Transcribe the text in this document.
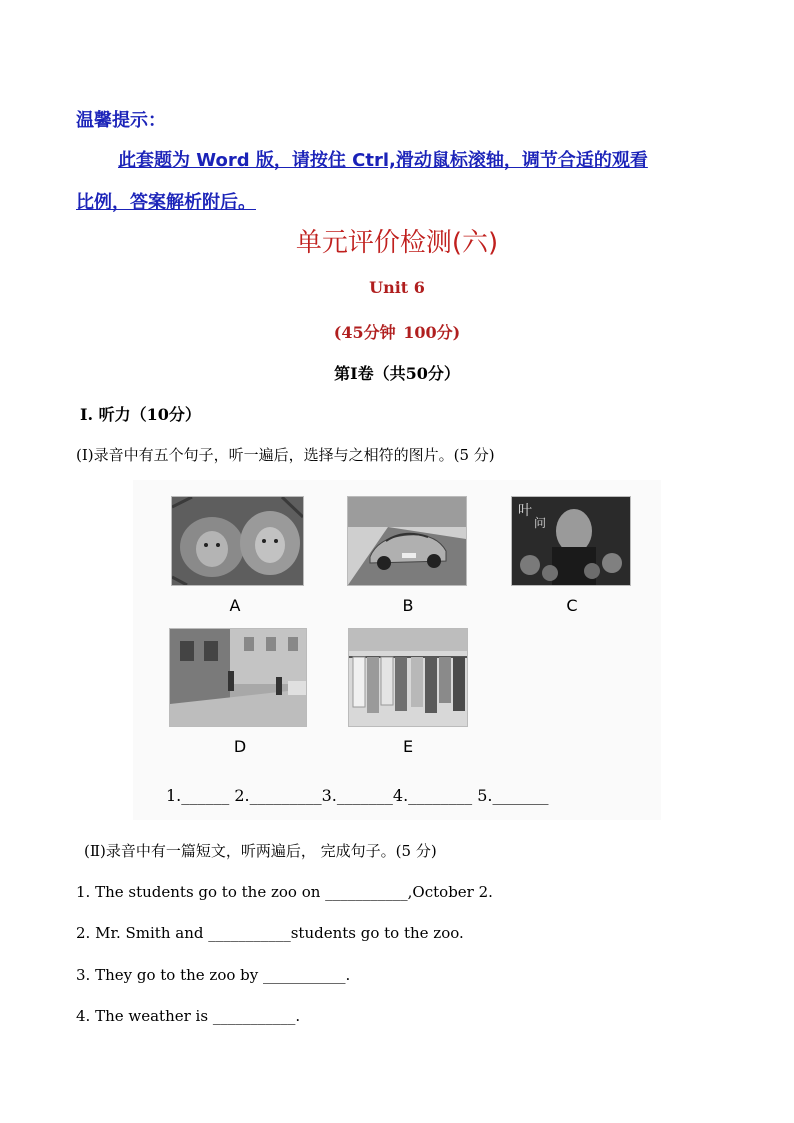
温馨提示：
此套题为 Word 版，请按住 Ctrl,滑动鼠标滚轴，调节合适的观看
比例，答案解析附后。
单元评价检测(六)
Unit 6
(45分钟 100分)
第Ⅰ卷（共50分）
Ⅰ. 听力（10分）
(Ⅰ)录音中有五个句子，听一遍后，选择与之相符的图片。(5 分)
A	B
叶
问
C
D	E
1.______ 2._________3._______4.________ 5._______
(Ⅱ)录音中有一篇短文，听两遍后， 完成句子。(5 分)
1. The students go to the zoo on ___________,October 2.
2. Mr. Smith and ___________students go to the zoo.
3. They go to the zoo by ___________.
4. The weather is ___________.
